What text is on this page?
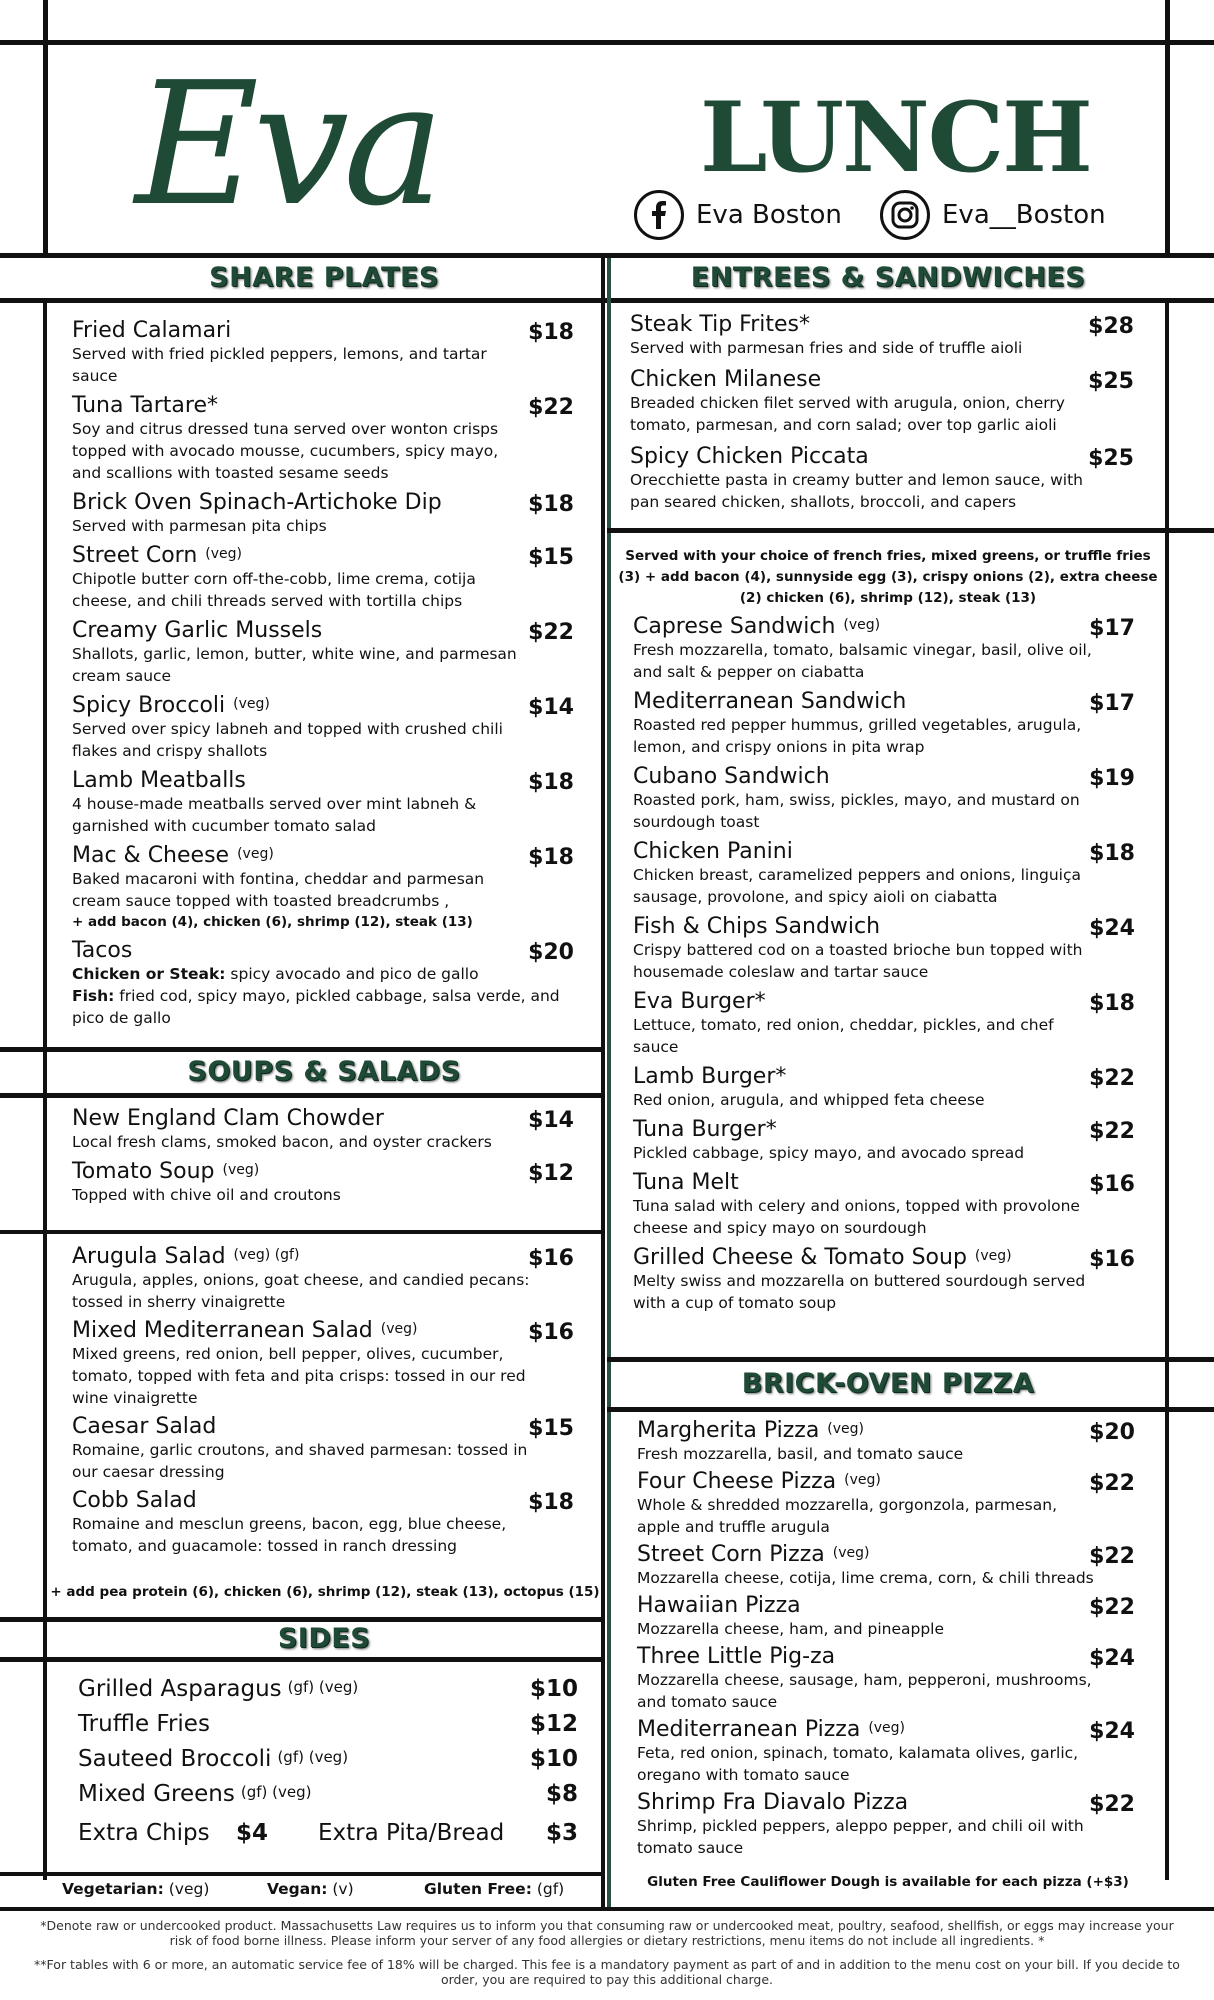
Eva	LUNCH
Eva Boston	Eva__Boston
SHARE PLATES
Fried Calamari	$18
Served with fried pickled peppers, lemons, and tartar sauce
Tuna Tartare*	$22
Soy and citrus dressed tuna served over wonton crisps topped with avocado mousse, cucumbers, spicy mayo, and scallions with toasted sesame seeds
Brick Oven Spinach-Artichoke Dip	$18
Served with parmesan pita chips
Street Corn (veg)	$15
Chipotle butter corn off-the-cobb, lime crema, cotija cheese, and chili threads served with tortilla chips
Creamy Garlic Mussels	$22
Shallots, garlic, lemon, butter, white wine, and parmesan cream sauce
Spicy Broccoli (veg)	$14
Served over spicy labneh and topped with crushed chili flakes and crispy shallots
Lamb Meatballs	$18
4 house-made meatballs served over mint labneh & garnished with cucumber tomato salad
Mac & Cheese (veg)	$18
Baked macaroni with fontina, cheddar and parmesan cream sauce topped with toasted breadcrumbs ,
+ add bacon (4), chicken (6), shrimp (12), steak (13)
Tacos	$20
Chicken or Steak: spicy avocado and pico de gallo
Fish: fried cod, spicy mayo, pickled cabbage, salsa verde, and pico de gallo
SOUPS & SALADS
New England Clam Chowder	$14
Local fresh clams, smoked bacon, and oyster crackers
Tomato Soup (veg)	$12
Topped with chive oil and croutons
Arugula Salad (veg) (gf)	$16
Arugula, apples, onions, goat cheese, and candied pecans: tossed in sherry vinaigrette
Mixed Mediterranean Salad (veg)	$16
Mixed greens, red onion, bell pepper, olives, cucumber, tomato, topped with feta and pita crisps: tossed in our red wine vinaigrette
Caesar Salad	$15
Romaine, garlic croutons, and shaved parmesan: tossed in our caesar dressing
Cobb Salad	$18
Romaine and mesclun greens, bacon, egg, blue cheese, tomato, and guacamole: tossed in ranch dressing
+ add pea protein (6), chicken (6), shrimp (12), steak (13), octopus (15)
SIDES
Grilled Asparagus (gf) (veg)	$10
Truffle Fries	$12
Sauteed Broccoli (gf) (veg)	$10
Mixed Greens (gf) (veg)	$8
Extra Chips $4 Extra Pita/Bread $3
Vegetarian: (veg)	Vegan: (v)	Gluten Free: (gf)
ENTREES & SANDWICHES
Steak Tip Frites*	$28
Served with parmesan fries and side of truffle aioli
Chicken Milanese	$25
Breaded chicken filet served with arugula, onion, cherry tomato, parmesan, and corn salad; over top garlic aioli
Spicy Chicken Piccata	$25
Orecchiette pasta in creamy butter and lemon sauce, with pan seared chicken, shallots, broccoli, and capers
Served with your choice of french fries, mixed greens, or truffle fries (3) + add bacon (4), sunnyside egg (3), crispy onions (2), extra cheese (2) chicken (6), shrimp (12), steak (13)
Caprese Sandwich (veg)	$17
Fresh mozzarella, tomato, balsamic vinegar, basil, olive oil, and salt & pepper on ciabatta
Mediterranean Sandwich	$17
Roasted red pepper hummus, grilled vegetables, arugula, lemon, and crispy onions in pita wrap
Cubano Sandwich	$19
Roasted pork, ham, swiss, pickles, mayo, and mustard on sourdough toast
Chicken Panini	$18
Chicken breast, caramelized peppers and onions, linguiça sausage, provolone, and spicy aioli on ciabatta
Fish & Chips Sandwich	$24
Crispy battered cod on a toasted brioche bun topped with housemade coleslaw and tartar sauce
Eva Burger*	$18
Lettuce, tomato, red onion, cheddar, pickles, and chef sauce
Lamb Burger*	$22
Red onion, arugula, and whipped feta cheese
Tuna Burger*	$22
Pickled cabbage, spicy mayo, and avocado spread
Tuna Melt	$16
Tuna salad with celery and onions, topped with provolone cheese and spicy mayo on sourdough
Grilled Cheese & Tomato Soup (veg)	$16
Melty swiss and mozzarella on buttered sourdough served with a cup of tomato soup
BRICK-OVEN PIZZA
Margherita Pizza (veg)	$20
Fresh mozzarella, basil, and tomato sauce
Four Cheese Pizza (veg)	$22
Whole & shredded mozzarella, gorgonzola, parmesan, apple and truffle arugula
Street Corn Pizza (veg)	$22
Mozzarella cheese, cotija, lime crema, corn, & chili threads
Hawaiian Pizza	$22
Mozzarella cheese, ham, and pineapple
Three Little Pig-za	$24
Mozzarella cheese, sausage, ham, pepperoni, mushrooms, and tomato sauce
Mediterranean Pizza (veg)	$24
Feta, red onion, spinach, tomato, kalamata olives, garlic, oregano with tomato sauce
Shrimp Fra Diavalo Pizza	$22
Shrimp, pickled peppers, aleppo pepper, and chili oil with tomato sauce
Gluten Free Cauliflower Dough is available for each pizza (+$3)
*Denote raw or undercooked product. Massachusetts Law requires us to inform you that consuming raw or undercooked meat, poultry, seafood, shellfish, or eggs may increase your risk of food borne illness. Please inform your server of any food allergies or dietary restrictions, menu items do not include all ingredients. *
**For tables with 6 or more, an automatic service fee of 18% will be charged. This fee is a mandatory payment as part of and in addition to the menu cost on your bill. If you decide to order, you are required to pay this additional charge.
